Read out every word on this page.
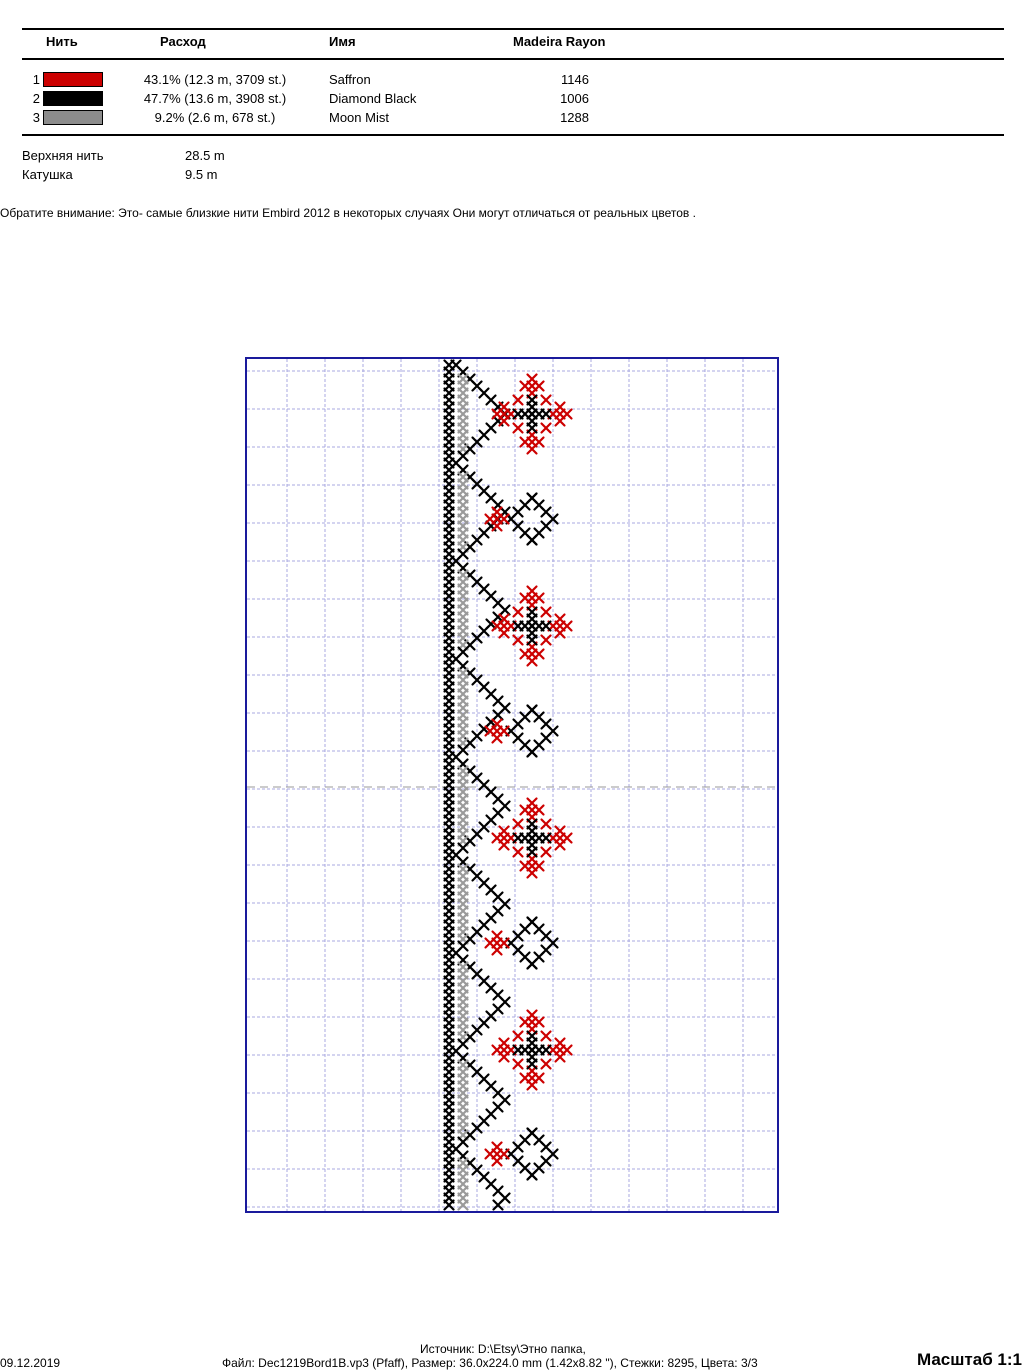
Нить	Расход	Имя	Madeira Rayon
1	43.1% (12.3 m, 3709 st.)	Saffron	1146
2	47.7% (13.6 m, 3908 st.)	Diamond Black	1006
3	9.2% (2.6 m, 678 st.)	Moon Mist	1288
Верхняя нить	28.5 m
Катушка	9.5 m
Обратите внимание: Это- самые близкие нити Embird 2012 в некоторых случаях Они могут отличаться от реальных цветов .
Источник: D:\Etsy\Этно папка,
09.12.2019	Файл: Dec1219Bord1B.vp3 (Pfaff), Размер: 36.0x224.0 mm (1.42x8.82 "), Стежки: 8295, Цвета: 3/3	Масштаб 1:1
